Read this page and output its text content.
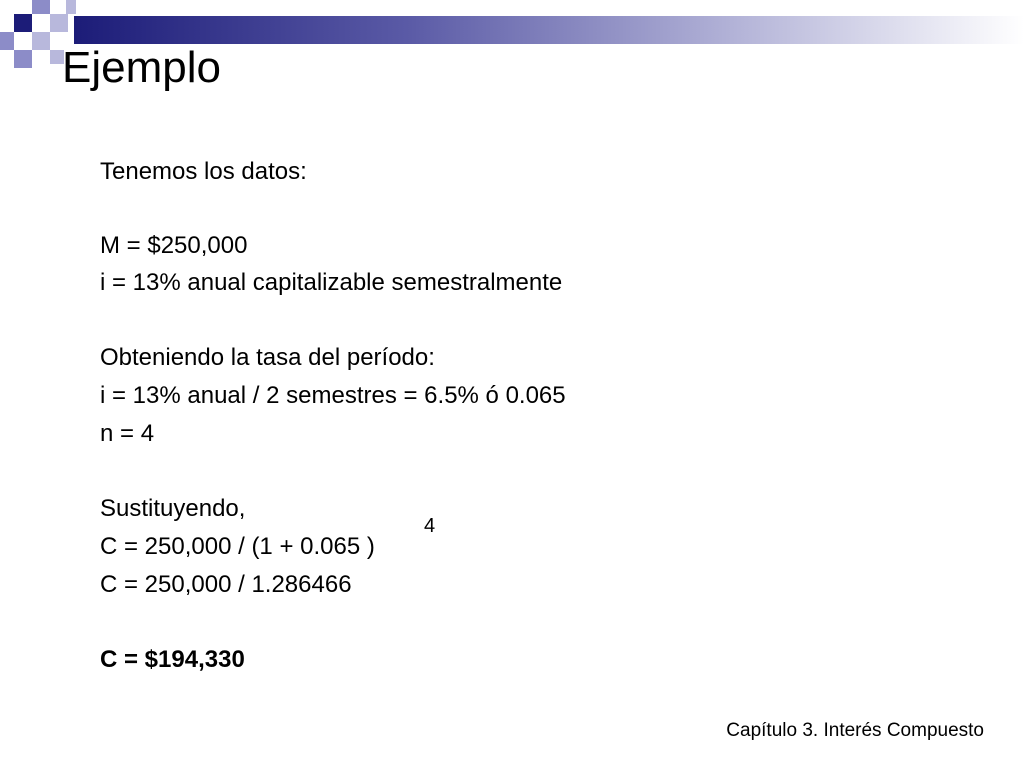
Ejemplo
Tenemos los datos:
M = $250,000
i = 13% anual capitalizable semestralmente
Obteniendo la tasa del período:
i = 13% anual / 2 semestres = 6.5% ó 0.065
n = 4
Sustituyendo,
C = 250,000 / (1 + 0.065 )
4
C = 250,000 / 1.286466
C = $194,330
Capítulo 3. Interés Compuesto
